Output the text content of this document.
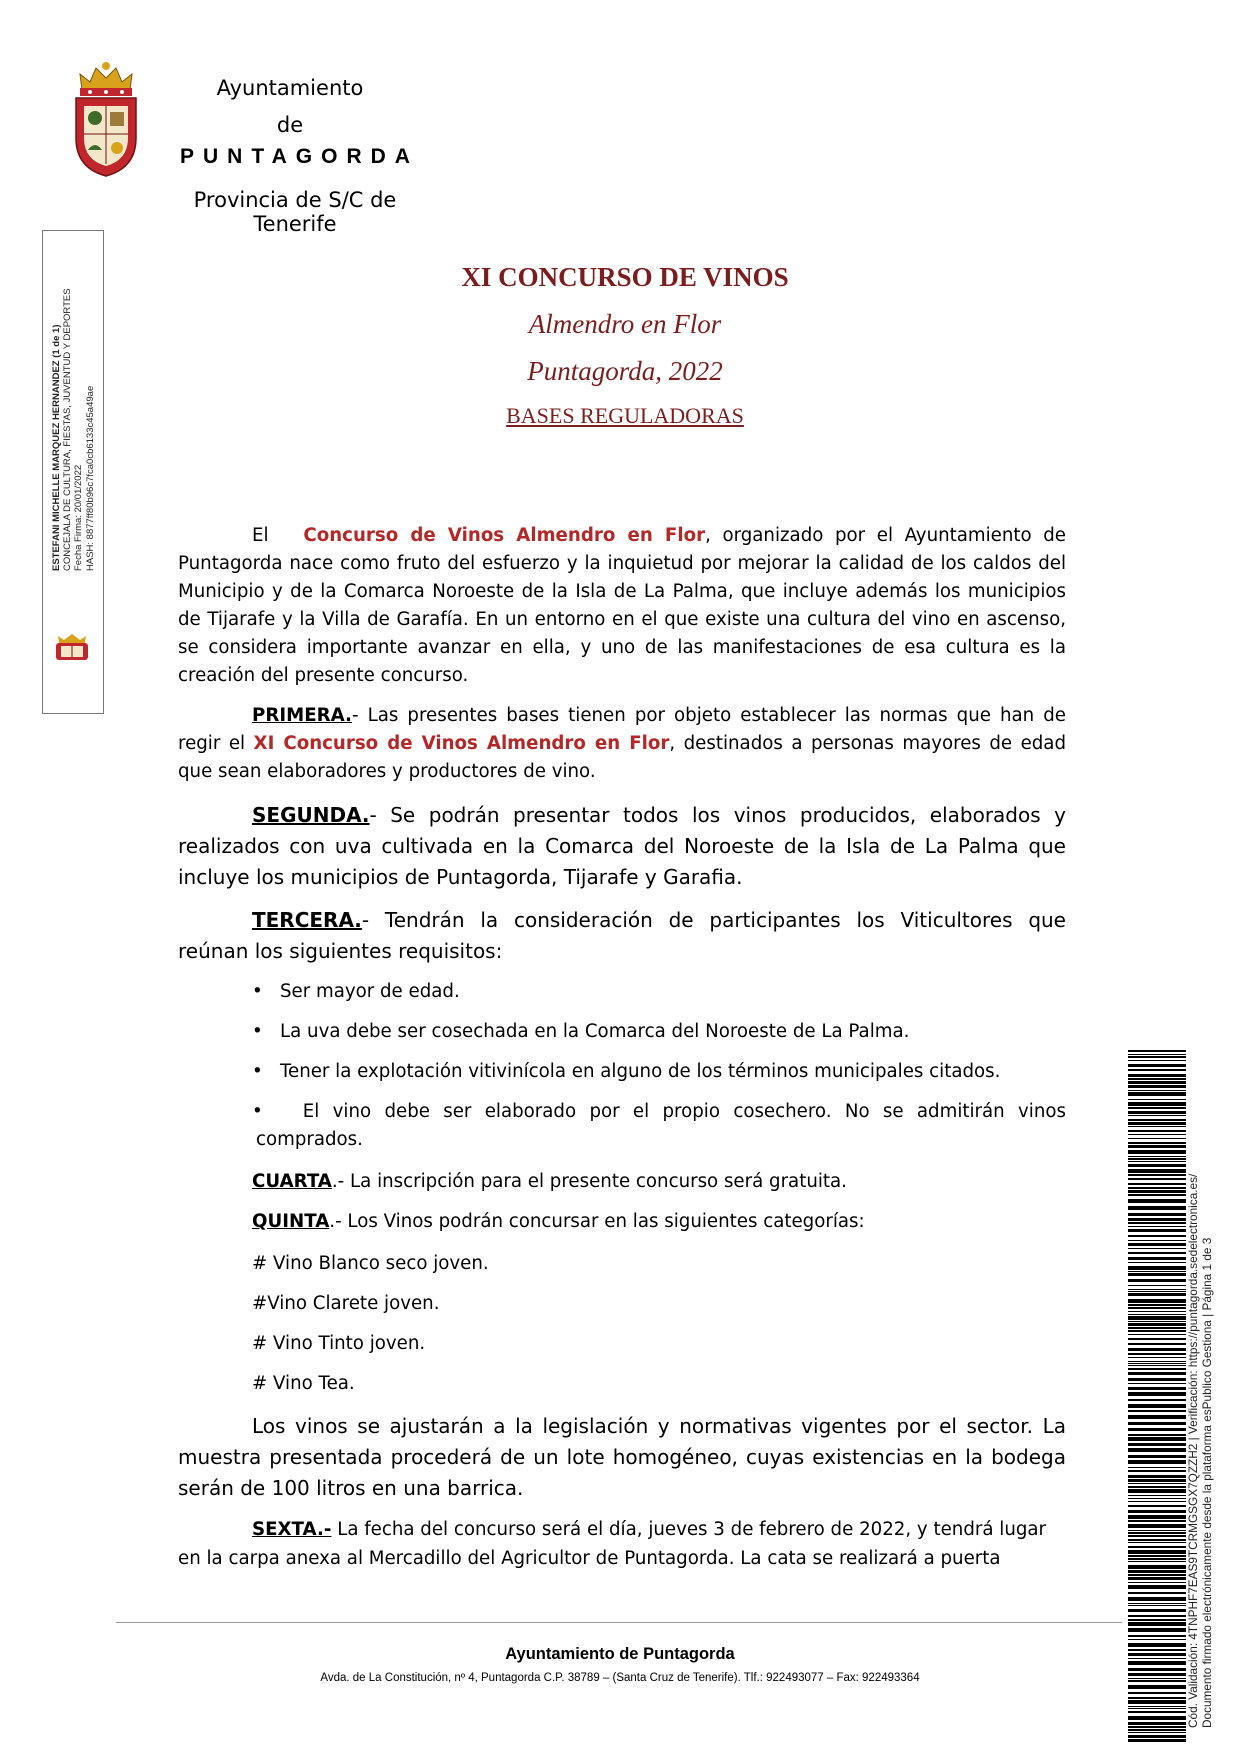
Ayuntamiento
de
PUNTAGORDA
Provincia de S/C de Tenerife
ESTEFANI MICHELLE MARQUEZ HERNANDEZ (1 de 1) CONCEJALA DE CULTURA, FIESTAS, JUVENTUD Y DEPORTES Fecha Firma: 20/01/2022 HASH: 8877ff80b96c7fca0cb6133c45a49ae
XI CONCURSO DE VINOS
Almendro en Flor
Puntagorda, 2022
BASES REGULADORAS
El Concurso de Vinos Almendro en Flor, organizado por el Ayuntamiento de Puntagorda nace como fruto del esfuerzo y la inquietud por mejorar la calidad de los caldos del Municipio y de la Comarca Noroeste de la Isla de La Palma, que incluye además los municipios de Tijarafe y la Villa de Garafía. En un entorno en el que existe una cultura del vino en ascenso, se considera importante avanzar en ella, y uno de las manifestaciones de esa cultura es la creación del presente concurso.
PRIMERA.- Las presentes bases tienen por objeto establecer las normas que han de regir el XI Concurso de Vinos Almendro en Flor, destinados a personas mayores de edad que sean elaboradores y productores de vino.
SEGUNDA.- Se podrán presentar todos los vinos producidos, elaborados y realizados con uva cultivada en la Comarca del Noroeste de la Isla de La Palma que incluye los municipios de Puntagorda, Tijarafe y Garafia.
TERCERA.- Tendrán la consideración de participantes los Viticultores que reúnan los siguientes requisitos:
• Ser mayor de edad.
• La uva debe ser cosechada en la Comarca del Noroeste de La Palma.
• Tener la explotación vitivinícola en alguno de los términos municipales citados.
• El vino debe ser elaborado por el propio cosechero. No se admitirán vinos
comprados.
CUARTA.- La inscripción para el presente concurso será gratuita.
QUINTA.- Los Vinos podrán concursar en las siguientes categorías:
# Vino Blanco seco joven.
#Vino Clarete joven.
# Vino Tinto joven.
# Vino Tea.
Los vinos se ajustarán a la legislación y normativas vigentes por el sector. La muestra presentada procederá de un lote homogéneo, cuyas existencias en la bodega serán de 100 litros en una barrica.
SEXTA.- La fecha del concurso será el día, jueves 3 de febrero de 2022, y tendrá lugar
en la carpa anexa al Mercadillo del Agricultor de Puntagorda. La cata se realizará a puerta
Ayuntamiento de Puntagorda
Avda. de La Constitución, nº 4, Puntagorda C.P. 38789 – (Santa Cruz de Tenerife). Tlf.: 922493077 – Fax: 922493364	Cód. Validación: 4TNPHF7EAS9TCRMGSGX7QZZH2 | Verificación: https://puntagorda.sedelectronica.es/ Documento firmado electrónicamente desde la plataforma esPublico Gestiona | Página 1 de 3
